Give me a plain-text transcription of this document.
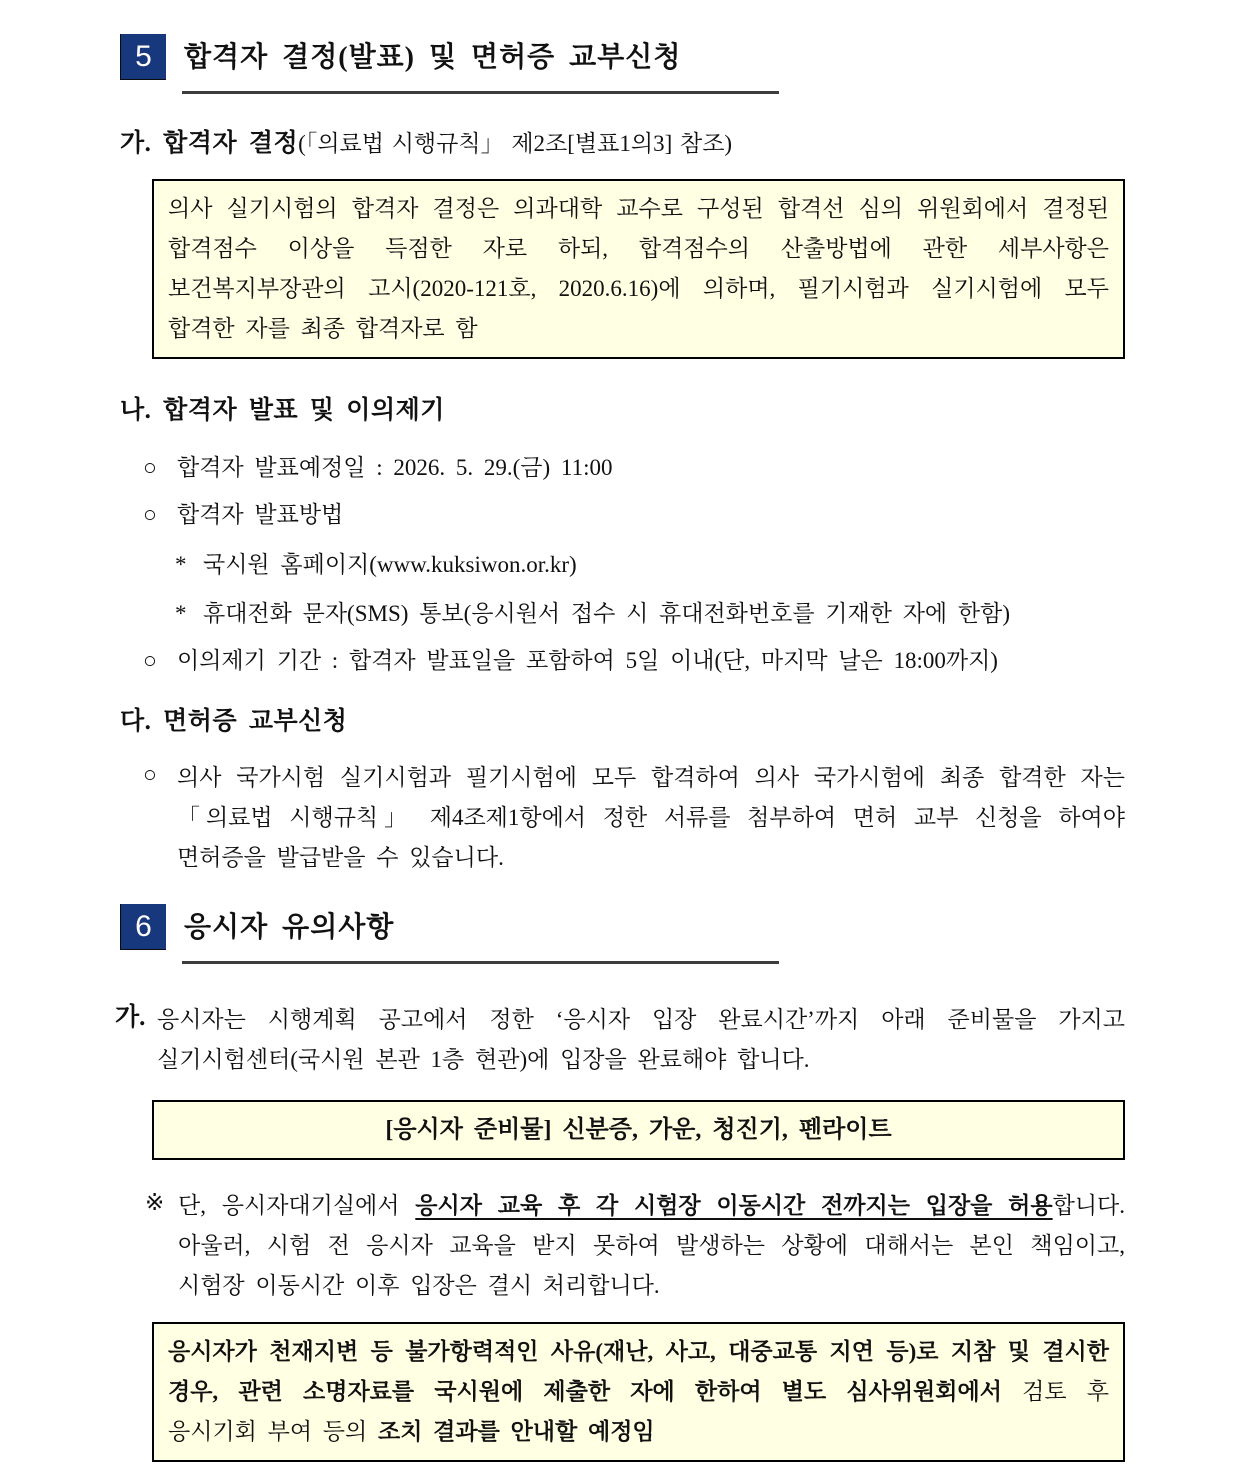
5	합격자 결정(발표) 및 면허증 교부신청
가. 합격자 결정(「의료법 시행규칙」 제2조[별표1의3] 참조)
의사 실기시험의 합격자 결정은 의과대학 교수로 구성된 합격선 심의 위원회에서 결정된 합격점수 이상을 득점한 자로 하되, 합격점수의 산출방법에 관한 세부사항은 보건복지부장관의 고시(2020-121호, 2020.6.16)에 의하며, 필기시험과 실기시험에 모두 합격한 자를 최종 합격자로 함
나. 합격자 발표 및 이의제기
○ 합격자 발표예정일 : 2026. 5. 29.(금) 11:00
○ 합격자 발표방법
* 국시원 홈페이지(www.kuksiwon.or.kr)
* 휴대전화 문자(SMS) 통보(응시원서 접수 시 휴대전화번호를 기재한 자에 한함)
○ 이의제기 기간 : 합격자 발표일을 포함하여 5일 이내(단, 마지막 날은 18:00까지)
다. 면허증 교부신청
○ 의사 국가시험 실기시험과 필기시험에 모두 합격하여 의사 국가시험에 최종 합격한 자는 「의료법 시행규칙」 제4조제1항에서 정한 서류를 첨부하여 면허 교부 신청을 하여야 면허증을 발급받을 수 있습니다.
6	응시자 유의사항
가. 응시자는 시행계획 공고에서 정한 ‘응시자 입장 완료시간’까지 아래 준비물을 가지고 실기시험센터(국시원 본관 1층 현관)에 입장을 완료해야 합니다.
[응시자 준비물] 신분증, 가운, 청진기, 펜라이트
※ 단, 응시자대기실에서 응시자 교육 후 각 시험장 이동시간 전까지는 입장을 허용합니다. 아울러, 시험 전 응시자 교육을 받지 못하여 발생하는 상황에 대해서는 본인 책임이고, 시험장 이동시간 이후 입장은 결시 처리합니다.
응시자가 천재지변 등 불가항력적인 사유(재난, 사고, 대중교통 지연 등)로 지참 및 결시한 경우, 관련 소명자료를 국시원에 제출한 자에 한하여 별도 심사위원회에서 검토 후 응시기회 부여 등의 조치 결과를 안내할 예정임
